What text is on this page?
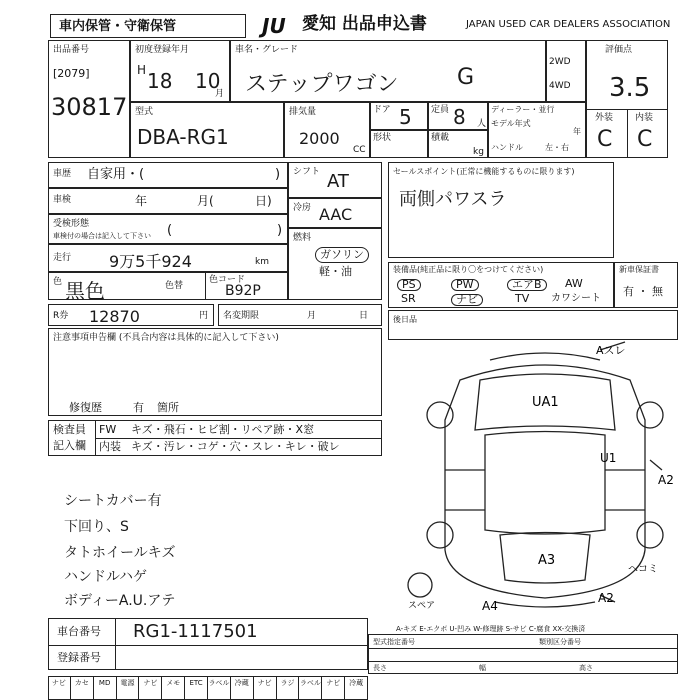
車内保管・守衛保管	JU 愛知 出品申込書	JAPAN USED CAR DEALERS ASSOCIATION
出品番号
[2079]
30817
初度登録年月
H 18 10
月
車名・グレード
ステップワゴン	G
2WD
4WD
評価点
3.5
外装 内装
C C
型式
DBA-RG1
排気量
2000
CC
ドア 5 定員 8 人
形状	積載
kg
ディーラー・並行
モデル年式
年
ハンドル	左・右
車歴 自家用・(	)
車検	年	月(	日)
受検形態
車検付の場合は記入して下さい (	)
走行 9万5千924	km
色 黒色	色替
色コード
B92P
R券 12870	円 名変期限	月	日
シフト AT
冷房 AAC
燃料
ガソリン
軽・油
セールスポイント(正常に機能するものに限ります)
両側パワスラ
装備品(純正品に限り〇をつけてください)
PS	PW	エアB	AW
SR	ナビ	TV カワシート
新車保証書
有 ・ 無
後日品
注意事項申告欄 (不具合内容は具体的に記入して下さい)
修復歴	有 箇所
検査員
記入欄
FW キズ・飛石・ヒビ割・リペア跡・X窓
内装 キズ・汚レ・コゲ・穴・スレ・キレ・破レ
シートカバー有
下回り、S
タトホイールキズ
ハンドルハゲ
ボディーA.U.アテ
車台番号 RG1-1117501
登録番号
ナビ	カセ	MD	電源	ナビ	メモ	ETC ラベル 冷蔵	ナビ	ラジ ラベル ナビ	冷蔵
Aスレ
UA1
U1
A2
A3
A4
A2
ヘコミ
スペア
A-キズ E-エクボ U-凹み W-修理跡 S-サビ C-腐食 XX-交換済
型式指定番号	類別区分番号
長さ	幅	高さ
